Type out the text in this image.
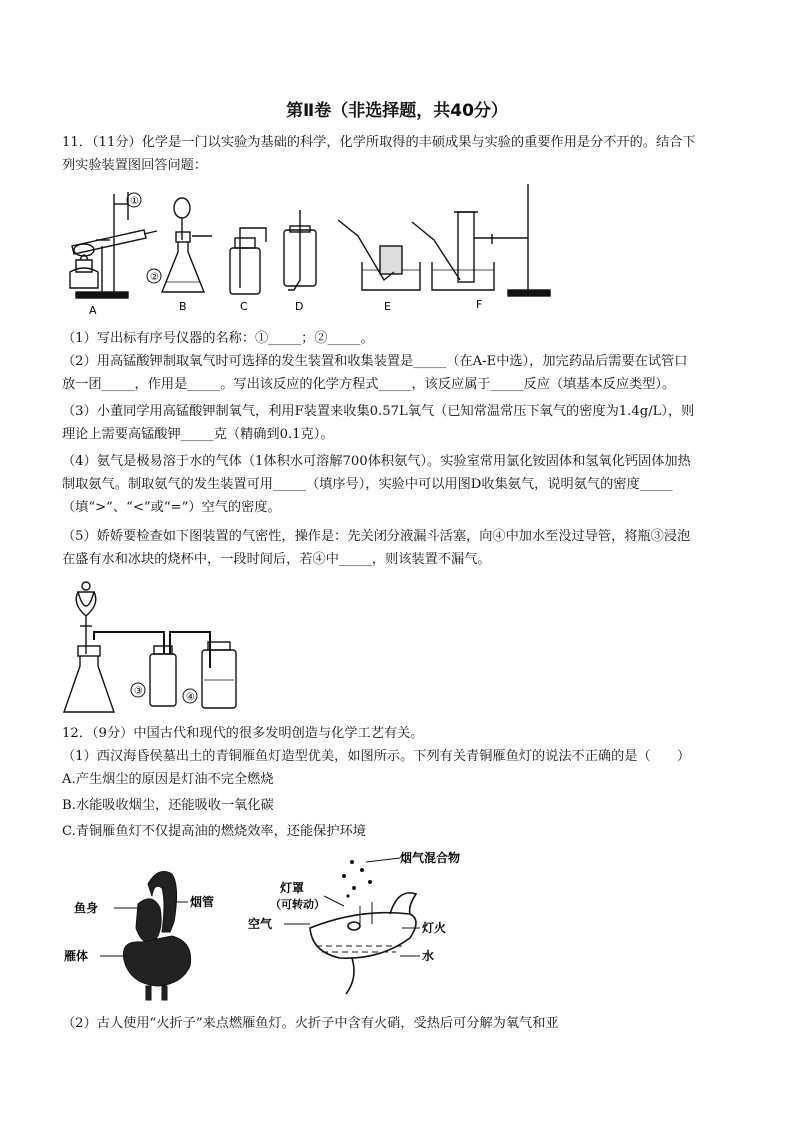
第Ⅱ卷（非选择题，共40分）
11．（11分）化学是一门以实验为基础的科学，化学所取得的丰硕成果与实验的重要作用是分不开的。结合下
列实验装置图回答问题：
①
②
A	B	C	D	E	F
（1）写出标有序号仪器的名称：①_____；②_____。
（2）用高锰酸钾制取氧气时可选择的发生装置和收集装置是_____（在A-E中选），加完药品后需要在试管口
放一团_____，作用是_____。写出该反应的化学方程式_____，该反应属于_____反应（填基本反应类型）。
（3）小董同学用高锰酸钾制氧气，利用F装置来收集0.57L氧气（已知常温常压下氧气的密度为1.4g/L），则
理论上需要高锰酸钾_____克（精确到0.1克）。
（4）氨气是极易溶于水的气体（1体积水可溶解700体积氨气）。实验室常用氯化铵固体和氢氧化钙固体加热
制取氨气。制取氨气的发生装置可用_____（填序号），实验中可以用图D收集氨气，说明氨气的密度_____
（填“>”、“<”或“=”）空气的密度。
（5）娇娇要检查如下图装置的气密性，操作是：先关闭分液漏斗活塞，向④中加水至没过导管，将瓶③浸泡
在盛有水和冰块的烧杯中，一段时间后，若④中_____，则该装置不漏气。
③
④
12．（9分）中国古代和现代的很多发明创造与化学工艺有关。
（1）西汉海昏侯墓出土的青铜雁鱼灯造型优美，如图所示。下列有关青铜雁鱼灯的说法不正确的是（　　）
A.产生烟尘的原因是灯油不完全燃烧
B.水能吸收烟尘，还能吸收一氧化碳
C.青铜雁鱼灯不仅提高油的燃烧效率，还能保护环境
鱼身	烟管
雁体
烟气混合物
灯罩
（可转动）
空气	灯火
水
（2）古人使用“火折子”来点燃雁鱼灯。火折子中含有火硝，受热后可分解为氧气和亚
